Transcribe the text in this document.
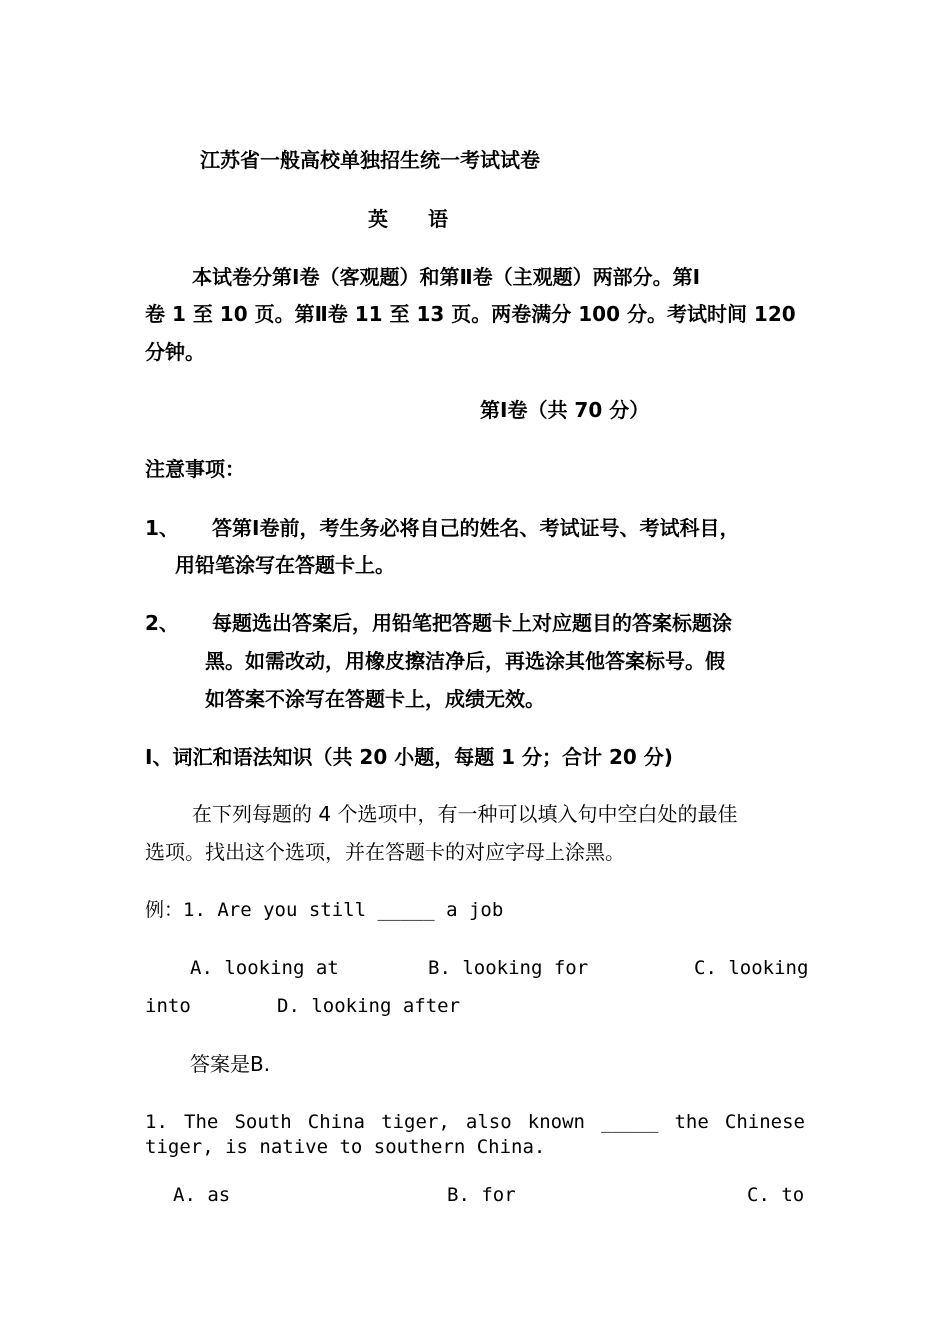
江苏省一般高校单独招生统一考试试卷
英　　语
本试卷分第Ⅰ卷（客观题）和第Ⅱ卷（主观题）两部分。第Ⅰ
卷 1 至 10 页。第Ⅱ卷 11 至 13 页。两卷满分 100 分。考试时间 120
分钟。
第Ⅰ卷（共 70 分）
注意事项：
1、 答第Ⅰ卷前，考生务必将自己的姓名、考试证号、考试科目，
用铅笔涂写在答题卡上。
2、 每题选出答案后，用铅笔把答题卡上对应题目的答案标题涂
黑。如需改动，用橡皮擦洁净后，再选涂其他答案标号。假
如答案不涂写在答题卡上，成绩无效。
Ⅰ、词汇和语法知识（共 20 小题，每题 1 分；合计 20 分)
在下列每题的 4 个选项中，有一种可以填入句中空白处的最佳
选项。找出这个选项，并在答题卡的对应字母上涂黑。
例：1. Are you still _____ a job
A. looking at	B. looking for	C. looking
into	D. looking after
答案是B.
1. The South China tiger, also known _____ the Chinese
tiger, is native to southern China.
A. as	B. for	C. to
